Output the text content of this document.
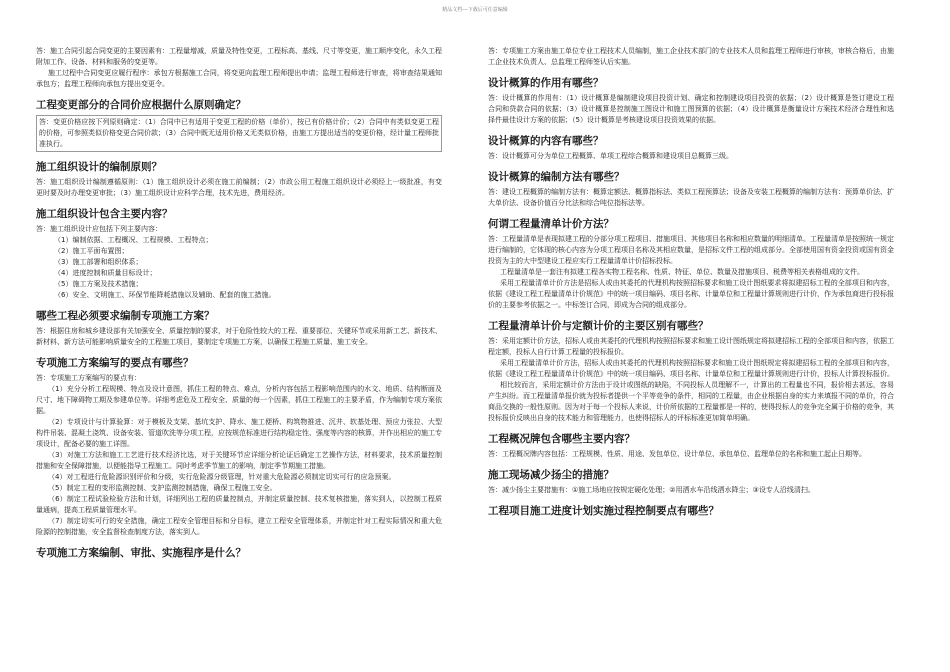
精品文档---下载后可任意编辑

答：施工合同引起合同变更的主要因素有：工程量增减，质量及特性变更，工程标高、基线、尺寸等变更，施工顺序变化，永久工程附加工作、设备、材料和服务的变更等。

施工过程中合同变更应履行程序：承包方根据施工合同，将变更向监理工程师提出申请；监理工程师进行审查，将审查结果通知承包方；监理工程师向承包方提出变更令。

工程变更部分的合同价应根据什么原则确定？

答：变更价格应按下列原则确定：（1）合同中已有适用于变更工程的价格（单价），按已有价格计价；（2）合同中有类似变更工程的价格，可参照类似价格变更合同价款；（3）合同中既无适用价格又无类似价格，由施工方提出适当的变更价格，经计量工程师批准执行。

施工组织设计的编制原则？

答：施工组织设计编制遵循原则：（1）施工组织设计必须在施工前编制；（2）市政公用工程施工组织设计必须经上一级批准，有变更时要及时办理变更审批；（3）施工组织设计应科学合理，技术先进，费用经济。

施工组织设计包含主要内容？

答：施工组织设计应包括下列主要内容：

（1）编制依据、工程概况、工程规模、工程特点；

（2）施工平面布置图；

（3）施工部署和组织体系；

（4）进度控制和质量目标设计；

（5）施工方案及技术措施；

（6）安全、文明施工、环保节能降耗措施以及辅助、配套的施工措施。

哪些工程必须要求编制专项施工方案？

答：根据住房和城乡建设部有关加强安全、质量控制的要求，对于危险性较大的工程、重要部位、关键环节或采用新工艺、新技术、新材料、新方法可能影响质量安全的工程施工项目，要制定专项施工方案，以确保工程施工质量、施工安全。

专项施工方案编写的要点有哪些？

答：专项施工方案编写的要点有：

（1）充分分析工程规模、特点及设计意图，抓住工程的特点、难点，分析内容包括工程影响范围内的水文、地质、结构断面及尺寸、地下障碍物工期及参建单位等。详细考虑危及工程安全、质量的每一个因素，抓住工程施工的主要矛盾，作为编制专项方案依据。

（2）专项设计与计算验算：对于模板及支架、基坑支护、降水、施工便桥、构筑物推进、沉井、软基处理、预应力张拉、大型构件吊装、混凝土浇筑、设备安装、管道吹洗等分项工程，应按规范标准进行结构稳定性、强度等内容的核算，并作出相应的施工专项设计，配备必要的施工详图。

（3）对施工方法和施工工艺进行技术经济比选，对于关键环节应详细分析论证后确定工艺操作方法，材料要求，技术质量控制措施和安全保障措施，以便能指导工程施工。同时考虑季节施工的影响，制定季节期施工措施。

（4）对工程进行危险源识别评价和分级，实行危险源分级管理，针对重大危险源必须制定切实可行的应急预案。

（5）制定工程的变形监测控制、支护监测控制措施，确保工程施工安全。

（6）制定工程试验检验方法和计划，详细列出工程的质量控制点，并制定质量控制、技术复核措施，落实到人，以控制工程质量通病，提高工程质量管理水平。

（7）制定切实可行的安全措施，确定工程安全管理目标和分目标，建立工程安全管理体系，并制定针对工程实际情况和重大危险源的控制措施，安全监督检查制度方法，落实到人。

专项施工方案编制、审批、实施程序是什么？

答：专项施工方案由施工单位专业工程技术人员编制，施工企业技术部门的专业技术人员和监理工程师进行审核，审核合格后，由施工企业技术负责人、总监理工程师签认后实施。

设计概算的作用有哪些？

答：设计概算的作用有：（1）设计概算是编制建设项目投资计划、确定和控制建设项目投资的依据；（2）设计概算是签订建设工程合同和贷款合同的依据；（3）设计概算是控制施工图设计和施工图预算的依据；（4）设计概算是衡量设计方案技术经济合理性和选择件最佳设计方案的依据；（5）设计概算是考核建设项目投资效果的依据。

设计概算的内容有哪些？

答：设计概算可分为单位工程概算、单项工程综合概算和建设项目总概算三级。

设计概算的编制方法有哪些？

答：建设工程概算的编制方法有：概算定额法、概算指标法、类似工程预算法；设备及安装工程概算的编制方法有：预算单价法、扩大单价法、设备价值百分比法和综合吨位指标法等。

何谓工程量清单计价方法？

答：工程量清单是表现拟建工程的分部分项工程项目、措施项目、其他项目名称和相应数量的明细清单。工程量清单是按照统一规定进行编制的，它体现的核心内容为分项工程项目名称及其相应数量，是招标文件工程的组成部分。全部使用国有资金投资或国有资金投资为主的大中型建设工程应实行工程量清单计价招标投标。

工程量清单是一套注有拟建工程各实物工程名称、性质、特征、单位、数量及措施项目、税费等相关表格组成的文件。

采用工程量清单计价方法是招标人或由其委托的代理机构按照招标要求和施工设计图纸要求将拟建招标工程的全部项目和内容，依据《建设工程工程量清单计价规范》中的统一项目编码、项目名称、计量单位和工程量计算规则进行计价，作为承包商进行投标报价的主要参考依据之一。中标签订合同，即成为合同的组成部分。

工程量清单计价与定额计价的主要区别有哪些？

答：采用定额计价方法，招标人或由其委托的代理机构按照招标要求和施工设计图纸规定将拟建招标工程的全部项目和内容，依据工程定额，投标人自行计算工程量的投标报价。

采用工程量清单计价方法，招标人或由其委托的代理机构按照招标要求和施工设计图纸规定将拟建招标工程的全部项目和内容，依据《建设工程工程量清单计价规范》中的统一项目编码、项目名称、计量单位和工程量计算规则进行计价，投标人计算投标报价。

相比较而言，采用定额计价方法由于设计或图纸的缺陷，不同投标人员理解不一，计算出的工程量也不同，报价相去甚远，容易产生纠纷。而工程量清单报价就为投标者提供一个平等竞争的条件，相同的工程量，由企业根据自身的实力来填报不同的单价，符合商品交换的一般性原则。因为对于每一个投标人来说，计价所依据的工程量都是一样的，使得投标人的竞争完全属于价格的竞争，其投标报价反映出自身的技术能力和管理能力，也使得招标人的评标标准更加简单明确。

工程概况牌包含哪些主要内容？

答：工程概况牌内容包括：工程规模、性质、用途、发包单位、设计单位、承包单位、监理单位的名称和施工起止日期等。

施工现场减少扬尘的措施？

答：减少扬尘主要措施有：①施工场地应按规定硬化处理；②用洒水车沿线洒水降尘；③设专人沿线清扫。

工程项目施工进度计划实施过程控制要点有哪些？
